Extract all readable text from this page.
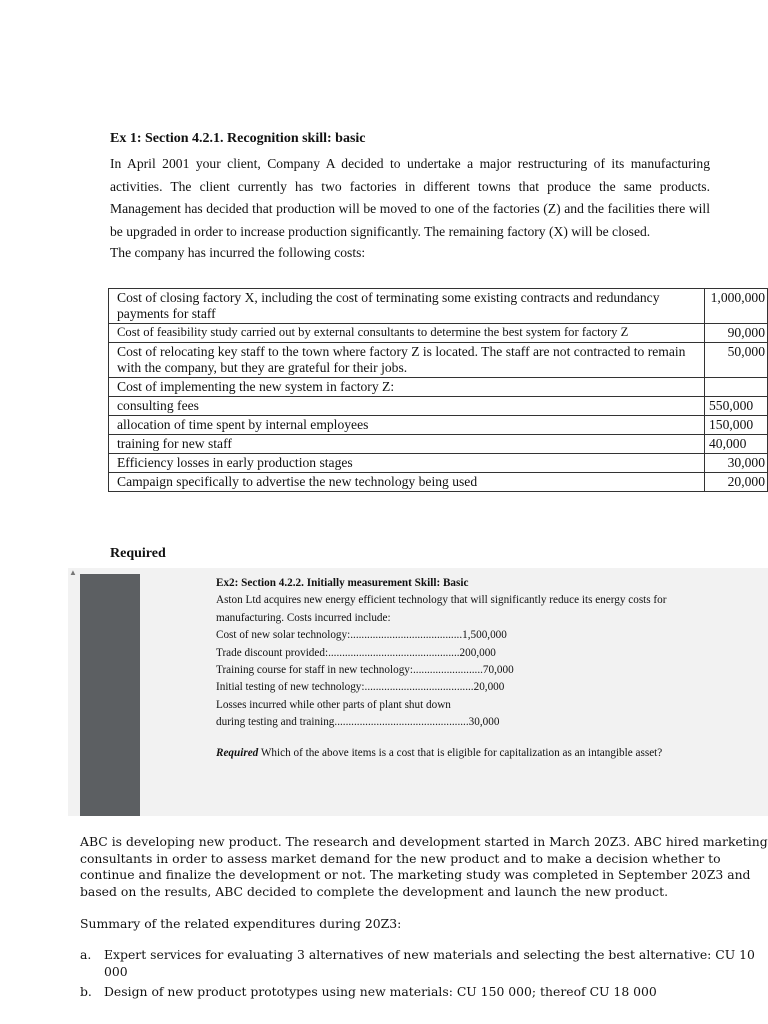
Ex 1: Section 4.2.1. Recognition skill: basic

In April 2001 your client, Company A decided to undertake a major restructuring of its manufacturing activities. The client currently has two factories in different towns that produce the same products. Management has decided that production will be moved to one of the factories (Z) and the facilities there will be upgraded in order to increase production significantly. The remaining factory (X) will be closed.

The company has incurred the following costs:

Cost of closing factory X, including the cost of terminating some existing contracts and redundancy payments for staff	1,000,000
Cost of feasibility study carried out by external consultants to determine the best system for factory Z	90,000
Cost of relocating key staff to the town where factory Z is located. The staff are not contracted to remain with the company, but they are grateful for their jobs.	50,000
Cost of implementing the new system in factory Z:	
consulting fees	550,000
allocation of time spent by internal employees	150,000
training for new staff	40,000
Efficiency losses in early production stages	30,000
Campaign specifically to advertise the new technology being used	20,000
Required
▲
Ex2: Section 4.2.2. Initially measurement Skill: Basic
Aston Ltd acquires new energy efficient technology that will significantly reduce its energy costs for manufacturing. Costs incurred include:
Cost of new solar technology: ........................................ 1,500,000
Trade discount provided: ............................................... 200,000
Training course for staff in new technology: ......................... 70,000
Initial testing of new technology: ....................................... 20,000
Losses incurred while other parts of plant shut down
during testing and training ................................................ 30,000
Required Which of the above items is a cost that is eligible for capitalization as an intangible asset?

ABC is developing new product. The research and development started in March 20Z3. ABC hired marketing consultants in order to assess market demand for the new product and to make a decision whether to continue and finalize the development or not. The marketing study was completed in September 20Z3 and based on the results, ABC decided to complete the development and launch the new product.

Summary of the related expenditures during 20Z3:

a.	Expert services for evaluating 3 alternatives of new materials and selecting the best alternative: CU 10 000
b. Design of new product prototypes using new materials: CU 150 000; thereof CU 18 000
